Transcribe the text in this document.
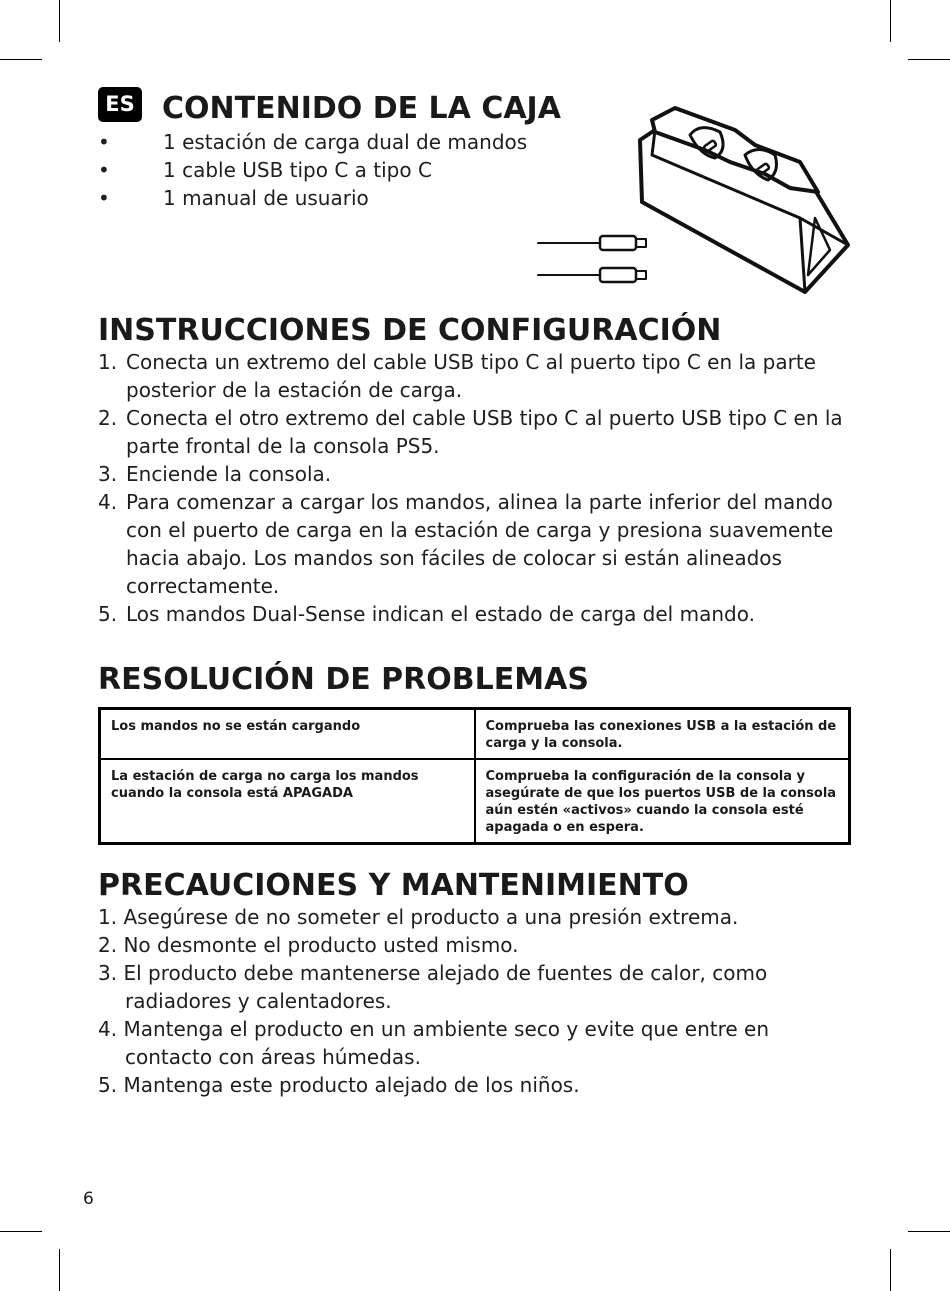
ES CONTENIDO DE LA CAJA
•	1 estación de carga dual de mandos
•	1 cable USB tipo C a tipo C
•	1 manual de usuario
INSTRUCCIONES DE CONFIGURACIÓN
1. Conecta un extremo del cable USB tipo C al puerto tipo C en la parte posterior de la estación de carga.
2. Conecta el otro extremo del cable USB tipo C al puerto USB tipo C en la parte frontal de la consola PS5.
3. Enciende la consola.
4. Para comenzar a cargar los mandos, alinea la parte inferior del mando con el puerto de carga en la estación de carga y presiona suavemente hacia abajo. Los mandos son fáciles de colocar si están alineados correctamente.
5. Los mandos Dual-Sense indican el estado de carga del mando.
RESOLUCIÓN DE PROBLEMAS
Los mandos no se están cargando	Comprueba las conexiones USB a la estación de carga y la consola.
La estación de carga no carga los mandos cuando la consola está APAGADA	Comprueba la configuración de la consola y asegúrate de que los puertos USB de la consola aún estén «activos» cuando la consola esté apagada o en espera.
PRECAUCIONES Y MANTENIMIENTO
1. Asegúrese de no someter el producto a una presión extrema.
2. No desmonte el producto usted mismo.
3. El producto debe mantenerse alejado de fuentes de calor, como radiadores y calentadores.
4. Mantenga el producto en un ambiente seco y evite que entre en contacto con áreas húmedas.
5. Mantenga este producto alejado de los niños.
6
